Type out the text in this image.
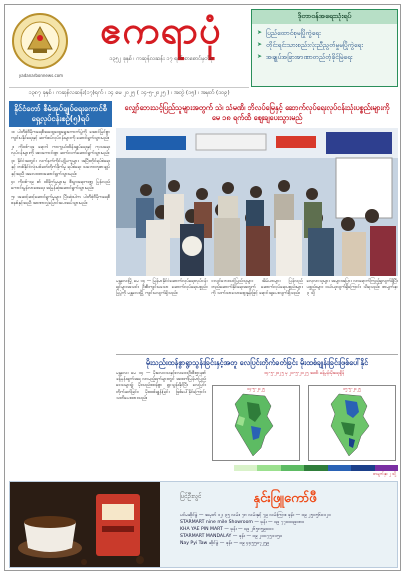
yadanarbonnews.com
ဧကရာပုံ
၁၃၅၂ ခုနှစ် ၊ ကဆုန်လဆန်း ၁၇ ရက် စာစောင်မှတ်စု
၁၃၈၇ ခုနှစ် ၊ ကဆုန်လဆန်း(၁၇)ရက် ၊ ၁၄ မေ ၂၀၂၅ ( ၁၄-၅-၂၀၂၅ ) ၊ အတွဲ (၁၅) ၊ အမှတ် (၁၀၉)
ဒိုတာဝန်အရေးသုံးရပ်
➤ ပြည်ထောင်စုမပြိုကွဲရေး
➤ တိုင်းရင်းသားစည်းလုံးညီညွတ်မှုမပြိုကွဲရေး
➤ အချုပ်အခြာအာဏာတည်တံ့ခိုင်မြဲရေး
နိုင်ငံတော် စီမံအုပ်ချုပ်ရေးကောင်စီ ရှေ့လုပ်ငန်းစဉ်(၅)ရပ်

၁။ ပါတီစုံဒီမိုကရေစီအထွေထွေရွေးကောက်ပွဲကို အောင်မြင်စွာ ကျင်းပနိုင်ရေးနှင့် ဆက်စပ်လုပ်ငန်းများကို ဆောင်ရွက်သွားမည်။

၂။ ကိုဗစ်-၁၉ ရောဂါ ကာကွယ်ထိန်းချုပ်ရေးနှင့် ကုသရေး လုပ်ငန်းများကို အားကောင်းစွာ ဆက်လက်ဆောင်ရွက်သွားမည်။

၃။ နိုင်ငံအတွင်း လက်နက်ကိုင်ပဋိပက္ခများ အပြီးတိုင်ရပ်စဲရေးနှင့် တစ်နိုင်ငံလုံးပစ်ခတ်တိုက်ခိုက်မှု ရပ်စဲရေး သဘောတူစာချုပ်နှင့်အညီ အလေးထားဆောင်ရွက်သွားမည်။

၄။ ကိုဗစ်-၁၉ ၏ ထိခိုက်မှုများမှ စီးပွားရေးကဏ္ဍ ပြန်လည်ကောင်းမွန်လာစေရေး အမြန်ဆုံးဆောင်ရွက်သွားမည်။

၅။ အဆင့်ဆင့်ဆောင်ရွက်မှုများ ပြီးဆုံးပါက ပါတီစုံဒီမိုကရေစီစနစ်နှင့်အညီ အာဏာလွှဲပြောင်းပေးအပ်သွားမည်။

လျှော်ဘေးသင့်ပြည်သူများအတွက် သဲ၊ သံမဏိ၊ ဘိလပ်မြေနှင့် ဆောက်လုပ်ရေးလုပ်ငန်းသုံးပစ္စည်းများကို မေ ၁၈ ရက်ထိ ဈေးချပေးသွားမည်
မန္တလေးမြို့ မေ ၁၄ — မြန်မာနိုင်ငံဆောက်လုပ်ရေးလုပ်ငန်းရှင်များအသင်း ဦးစီးကျင်းပသော ဆောက်လုပ်ရေးပစ္စည်းပြပွဲကို မန္တလေးမြို့ ကျင်းပလျက်ရှိသည်။
ငလျင်ဘေးသင့်ပြည်သူများ အိမ်ယာများ ပြန်လည်တည်ဆောက်နိုင်ရေးအတွက် ဆောက်လုပ်ရေးပစ္စည်းများကို သက်သာသောဈေးနှုန်းဖြင့် ရောင်းချပေးလျက်ရှိသည်။
လေ့လာသူများ အများအပြား လာရောက်ကြည့်ရှုလျက်ရှိပြီး ပစ္စည်းများ ဝယ်ယူလျက်ရှိကြောင်း သိရသည်။ စာမျက်နှာ ၃ သို့
မိုးသည်းထန်စွာရွာသွန်းခြင်းနှင့်အတူ လေပြင်းတိုက်ခတ်ခြင်း မိုးထစ်ချုန်းခြင်းဖြစ်ပေါ်နိုင်
မန္တလေး မေ ၁၄ — မိုးလေဝသနှင့်ဇလဗေဒဦးစီးဌာန၏ ခန့်မှန်းချက်အရ လာမည့်ရက်များတွင် အထက်မြန်မာပြည်ဒေသများ၌ မိုးသည်းထန်စွာ ရွာသွန်းနိုင်ပြီး လေပြင်းတိုက်ခတ်ခြင်း၊ မိုးထစ်ချုန်းခြင်း ဖြစ်ပေါ်နိုင်ကြောင်း သတိပေးထားသည်။
၁၄-၅-၂၀၂၅ မှ ၂၀-၅-၂၀၂၅ အထိ ခန့်မှန်းမိုးရေချိန်
၁၄-၅-၂၀၂၅	၁၅-၅-၂၀၂၅
စာမျက်နှာ ၂ သို့
ပြင်ဦးလွင်	နှင်းဖြူကော်ဖီ
ပင်မဆိုင်ခွဲ — အမှတ် ၁၂၊ ၃၅ လမ်း၊ ၇၈ လမ်းနှင့် ၇၉ လမ်းကြား၊ ဖုန်း — ၀၉ ၂၅၀၅၆၀၁၂၀
STARMART nine mile Showroom — ဖုန်း — ၀၉ ၇၇၀၀၀၉၀၈၀
KHA YAE PIN MART — ဖုန်း — ၀၉ ၂၆၅၈၅၉၀၀၁
STARMART MANDALAY — ဖုန်း — ၀၉ ၂၀၀၇၅၁၁၅၀
Nay Pyi Taw ဆိုင်ခွဲ — ဖုန်း — ၀၉ ၄၄၅၅၀၇၂၅၉
